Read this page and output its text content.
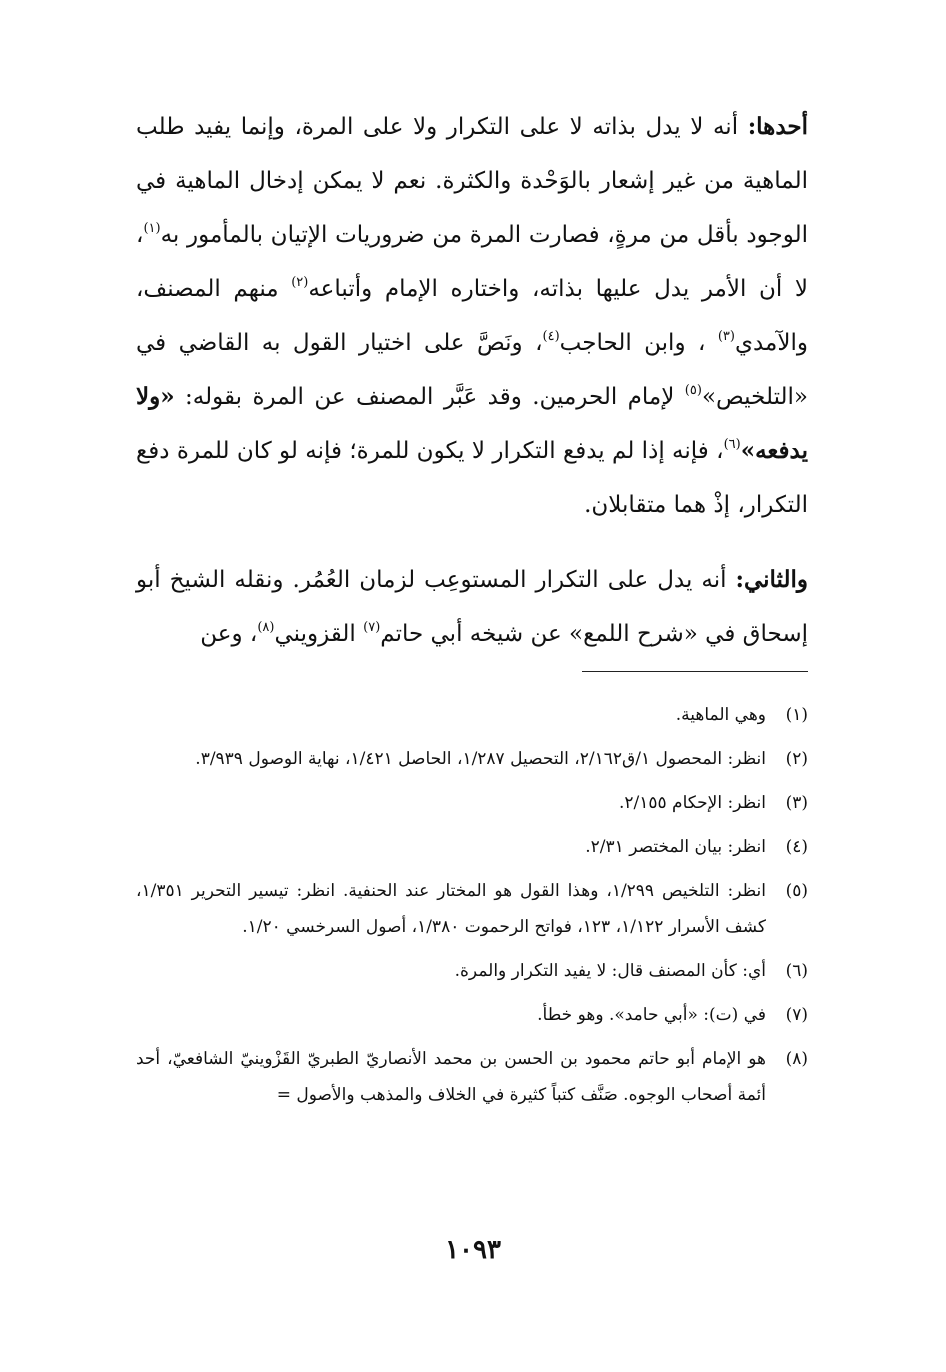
أحدها: أنه لا يدل بذاته لا على التكرار ولا على المرة، وإنما يفيد طلب الماهية من غير إشعار بالوَحْدة والكثرة. نعم لا يمكن إدخال الماهية في الوجود بأقل من مرةٍ، فصارت المرة من ضروريات الإتيان بالمأمور به$^{(١)}$، لا أن الأمر يدل عليها بذاته، واختاره الإمام وأتباعه$^{(٢)}$ منهم المصنف، والآمدي$^{(٣)}$ ، وابن الحاجب$^{(٤)}$، ونَصَّ على اختيار القول به القاضي في «التلخيص»$^{(٥)}$ لإمام الحرمين. وقد عَبَّر المصنف عن المرة بقوله: «ولا يدفعه»$^{(٦)}$، فإنه إذا لم يدفع التكرار لا يكون للمرة؛ فإنه لو كان للمرة دفع التكرار، إذْ هما متقابلان.

والثاني: أنه يدل على التكرار المستوعِب لزمان العُمُر. ونقله الشيخ أبو إسحاق في «شرح اللمع» عن شيخه أبي حاتم$^{(٧)}$ القزويني$^{(٨)}$، وعن

(١)
وهي الماهية.
(٢)
انظر: المحصول ١/ق٢/١٦٢، التحصيل ١/٢٨٧، الحاصل ١/٤٢١، نهاية الوصول ٣/٩٣٩.
(٣)
انظر: الإحكام ٢/١٥٥.
(٤)
انظر: بيان المختصر ٢/٣١.
(٥)
انظر: التلخيص ١/٢٩٩، وهذا القول هو المختار عند الحنفية. انظر: تيسير التحرير ١/٣٥١، كشف الأسرار ١/١٢٢، ١٢٣، فواتح الرحموت ١/٣٨٠، أصول السرخسي ١/٢٠.
(٦)
أي: كأن المصنف قال: لا يفيد التكرار والمرة.
(٧)
في (ت): «أبي حامد». وهو خطأ.
(٨)
هو الإمام أبو حاتم محمود بن الحسن بن محمد الأنصاريّ الطبريّ القَزْوينيّ الشافعيّ، أحد أئمة أصحاب الوجوه. صَنَّف كتباً كثيرة في الخلاف والمذهب والأصول =
١٠٩٣
